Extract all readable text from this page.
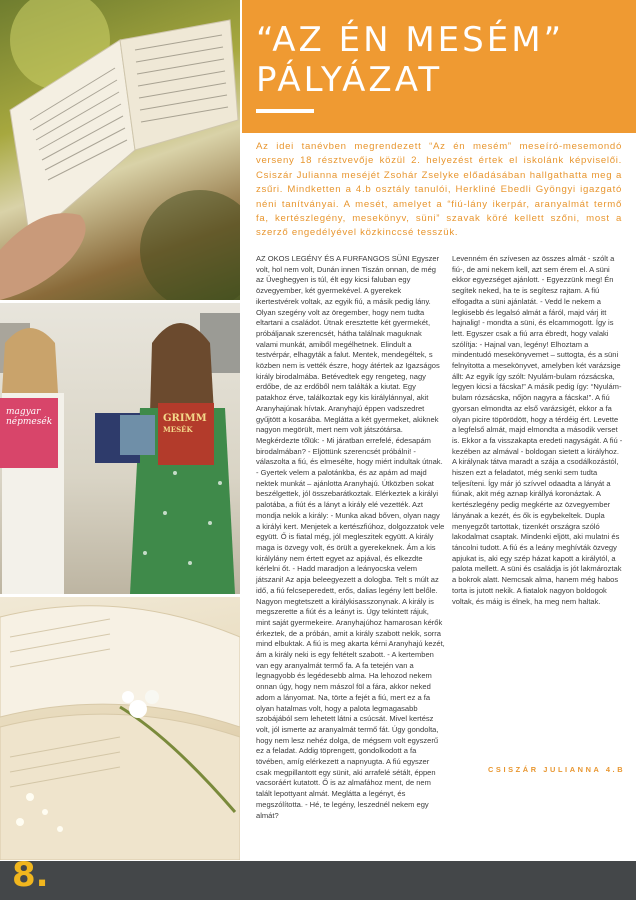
magyar
népmesék	GRIMM
MESÉK
“AZ ÉN MESÉM”
PÁLYÁZAT

Az idei tanévben megrendezett “Az én mesém” meseíró-mesemondó verseny 18 résztvevője közül 2. helyezést értek el iskolánk képviselői. Csiszár Julianna meséjét Zsohár Zselyke előadásában hallgathatta meg a zsűri. Mindketten a 4.b osztály tanulói, Herkliné Ebedli Gyöngyi igazgató néni tanítványai. A mesét, amelyet a “fiú-lány ikerpár, aranyalmát termő fa, kertészlegény, mesekönyv, süni” szavak köré kellett szőni, most a szerző engedélyével közkinccsé tesszük.

AZ OKOS LEGÉNY ÉS A FURFANGOS SÜNI Egyszer volt, hol nem volt, Dunán innen Tiszán onnan, de még az Üveghegyen is túl, élt egy kicsi faluban egy özvegyember, két gyermekével. A gyerekek ikertestvérek voltak, az egyik fiú, a másik pedig lány. Olyan szegény volt az öregember, hogy nem tudta eltartani a családot. Útnak eresztette két gyermekét, próbáljanak szerencsét, hátha találnak maguknak valami munkát, amiből megélhetnek. Elindult a testvérpár, elhagyták a falut. Mentek, mendegéltek, s közben nem is vették észre, hogy átértek az Igazságos király birodalmába. Betévedtek egy rengeteg, nagy erdőbe, de az erdőből nem találták a kiutat. Egy patakhoz érve, találkoztak egy kis királylánnyal, akit Aranyhajúnak hívtak. Aranyhajú éppen vadszedret gyűjtött a kosarába. Meglátta a két gyermeket, akiknek nagyon megörült, mert nem volt játszótársa. Megkérdezte tőlük: - Mi járatban errefelé, édesapám birodalmában? - Eljöttünk szerencsét próbálni! - válaszolta a fiú, és elmesélte, hogy miért indultak útnak. - Gyertek velem a palotánkba, és az apám ad majd nektek munkát – ajánlotta Aranyhajú. Útközben sokat beszélgettek, jól összebarátkoztak. Elérkeztek a királyi palotába, a fiút és a lányt a király elé vezették. Azt mondja nekik a király: - Munka akad bőven, olyan nagy a királyi kert. Menjetek a kertészfiúhoz, dolgozzatok vele együtt. Ő is fiatal még, jól megleszitek együtt. A király maga is özvegy volt, és örült a gyerekeknek. Ám a kis királylány nem értett egyet az apjával, és elkezdte kérlelni őt. - Hadd maradjon a leányocska velem játszani! Az apja beleegyezett a dologba. Telt s múlt az idő, a fiú felcseperedett, erős, dalias legény lett belőle. Nagyon megtetszett a királykisasszonynak. A király is megszerette a fiút és a leányt is. Úgy tekintett rájuk, mint saját gyermekeire. Aranyhajúhoz hamarosan kérők érkeztek, de a próbán, amit a király szabott nekik, sorra mind elbuktak. A fiú is meg akarta kérni Aranyhajú kezét, ám a király neki is egy feltételt szabott. - A kertemben van egy aranyalmát termő fa. A fa tetején van a legnagyobb és legédesebb alma. Ha lehozod nekem onnan úgy, hogy nem mászol föl a fára, akkor neked adom a lányomat. Na, törte a fejét a fiú, mert ez a fa olyan hatalmas volt, hogy a palota legmagasabb szobájából sem lehetett látni a csúcsát. Mivel kertész volt, jól ismerte az aranyalmát termő fát. Úgy gondolta, hogy nem lesz nehéz dolga, de mégsem volt egyszerű ez a feladat. Addig töprengett, gondolkodott a fa tövében, amíg elérkezett a napnyugta. A fiú egyszer csak megpillantott egy sünit, aki arrafelé sétált, éppen vacsoráért kutatott. Ő is az almafához ment, de nem talált lepottyant almát. Meglátta a legényt, és megszólította. - Hé, te legény, leszednél nekem egy almát?

Levenném én szívesen az összes almát - szólt a fiú-, de ami nekem kell, azt sem érem el. A süni ekkor egyezséget ajánlott. - Egyezzünk meg! Én segítek neked, ha te is segítesz rajtam. A fiú elfogadta a süni ajánlatát. - Vedd le nekem a legkisebb és legalsó almát a fáról, majd várj itt hajnalig! - mondta a süni, és elcammogott. Így is lett. Egyszer csak a fiú arra ébredt, hogy valaki szólítja: - Hajnal van, legény! Elhoztam a mindentudó mesekönyvemet – suttogta, és a süni felnyitotta a mesekönyvet, amelyben két varázsige állt: Az egyik így szólt: Nyulám-bulam rózsácska, legyen kicsi a fácska!” A másik pedig így: “Nyulám-bulam rózsácska, nőjön nagyra a fácska!”. A fiú gyorsan elmondta az első varázsigét, ekkor a fa olyan picire töpörödött, hogy a térdéig ért. Levette a legfelső almát, majd elmondta a második verset is. Ekkor a fa visszakapta eredeti nagyságát. A fiú - kezében az almával - boldogan sietett a királyhoz. A királynak tátva maradt a szája a csodálkozástól, hiszen ezt a feladatot, még senki sem tudta teljesíteni. Így már jó szívvel odaadta a lányát a fiúnak, akit még aznap királlyá koronáztak. A kertészlegény pedig megkérte az özvegyember lányának a kezét, és ők is egybekeltek. Dupla menyegzőt tartottak, tizenkét országra szóló lakodalmat csaptak. Mindenki eljött, aki mulatni és táncolni tudott. A fiú és a leány meghívták özvegy apjukat is, aki egy szép házat kapott a királytól, a palota mellett. A süni és családja is jót lakmároztak a bokrok alatt. Nemcsak alma, hanem még habos torta is jutott nekik. A fiatalok nagyon boldogok voltak, és máig is élnek, ha meg nem haltak.

CSISZÁR JULIANNA 4.B
8.
